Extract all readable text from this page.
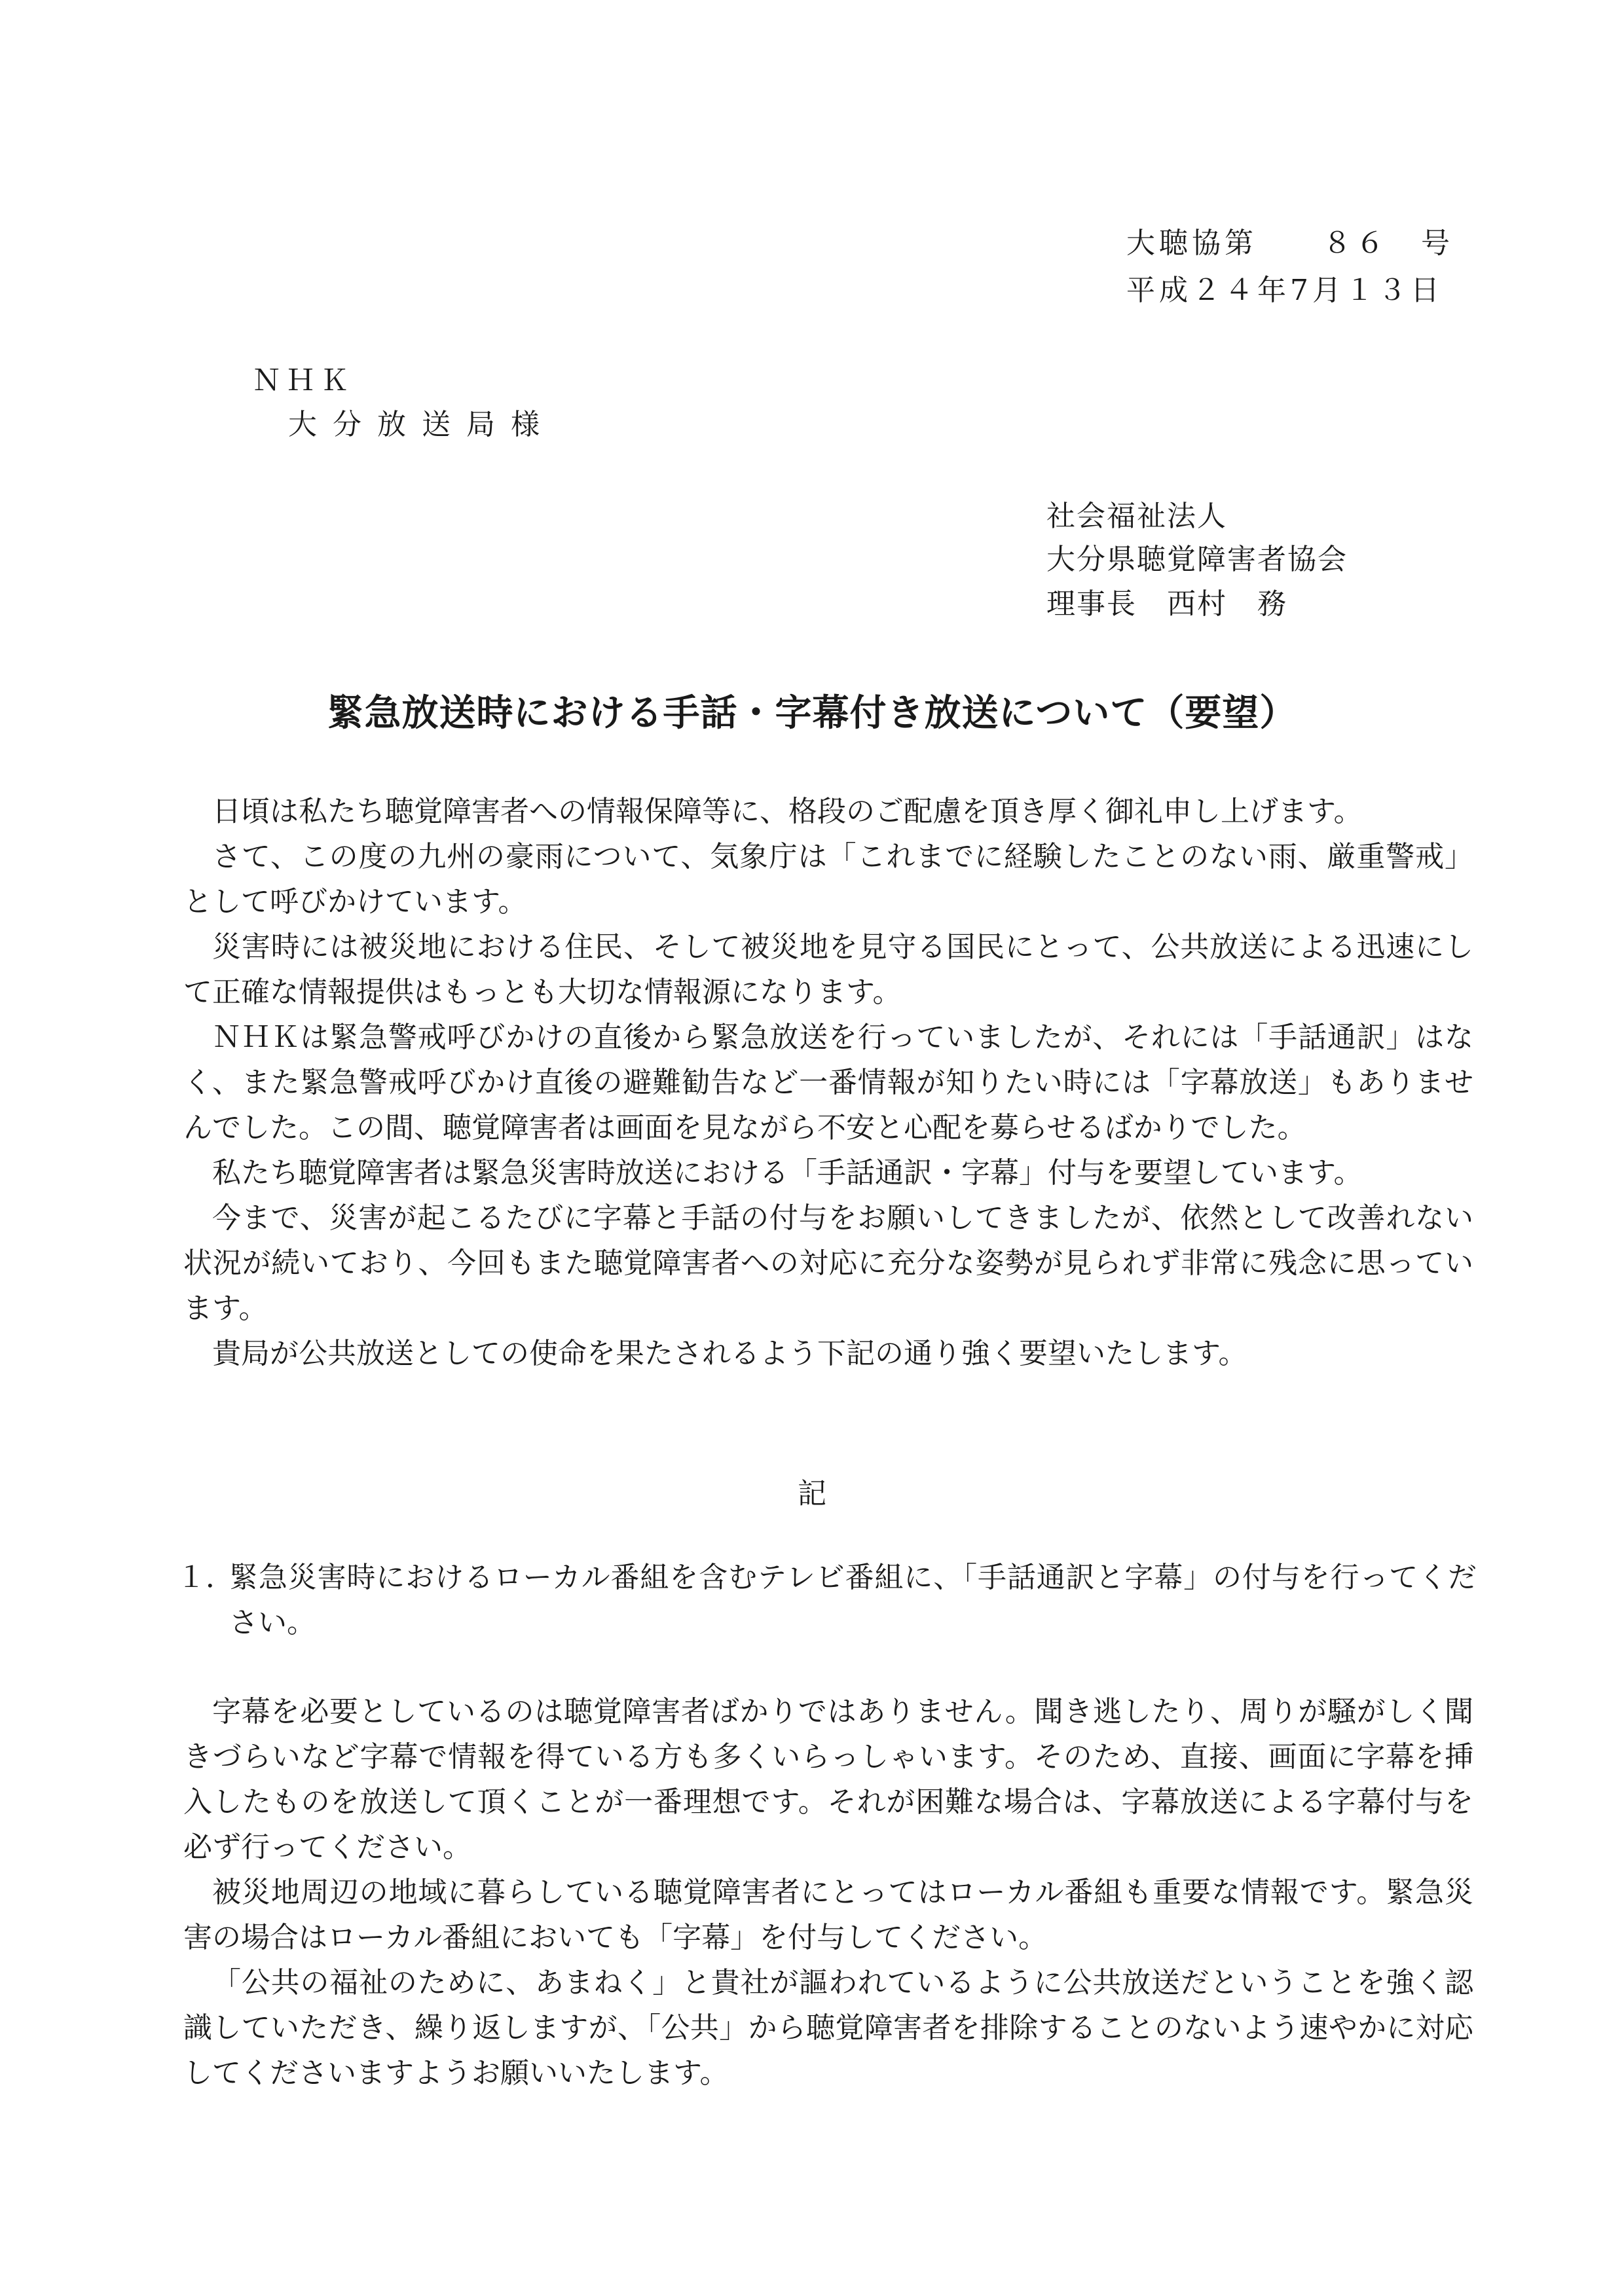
大聴協第　　８６　号
平成２４年7月１３日
ＮＨＫ
大分放送局様
社会福祉法人
大分県聴覚障害者協会
理事長　西村　務
緊急放送時における手話・字幕付き放送について（要望）

日頃は私たち聴覚障害者への情報保障等に、格段のご配慮を頂き厚く御礼申し上げます。

さて、この度の九州の豪雨について、気象庁は「これまでに経験したことのない雨、厳重警戒」として呼びかけています。

災害時には被災地における住民、そして被災地を見守る国民にとって、公共放送による迅速にして正確な情報提供はもっとも大切な情報源になります。

ＮＨＫは緊急警戒呼びかけの直後から緊急放送を行っていましたが、それには「手話通訳」はなく、また緊急警戒呼びかけ直後の避難勧告など一番情報が知りたい時には「字幕放送」もありませんでした。この間、聴覚障害者は画面を見ながら不安と心配を募らせるばかりでした。

私たち聴覚障害者は緊急災害時放送における「手話通訳・字幕」付与を要望しています。

今まで、災害が起こるたびに字幕と手話の付与をお願いしてきましたが、依然として改善れない状況が続いており、今回もまた聴覚障害者への対応に充分な姿勢が見られず非常に残念に思っています。

貴局が公共放送としての使命を果たされるよう下記の通り強く要望いたします。

記
１．
緊急災害時におけるローカル番組を含むテレビ番組に、「手話通訳と字幕」の付与を行ってください。

字幕を必要としているのは聴覚障害者ばかりではありません。聞き逃したり、周りが騒がしく聞きづらいなど字幕で情報を得ている方も多くいらっしゃいます。そのため、直接、画面に字幕を挿入したものを放送して頂くことが一番理想です。それが困難な場合は、字幕放送による字幕付与を必ず行ってください。

被災地周辺の地域に暮らしている聴覚障害者にとってはローカル番組も重要な情報です。緊急災害の場合はローカル番組においても「字幕」を付与してください。

「公共の福祉のために、あまねく」と貴社が謳われているように公共放送だということを強く認識していただき、繰り返しますが、「公共」から聴覚障害者を排除することのないよう速やかに対応してくださいますようお願いいたします。
